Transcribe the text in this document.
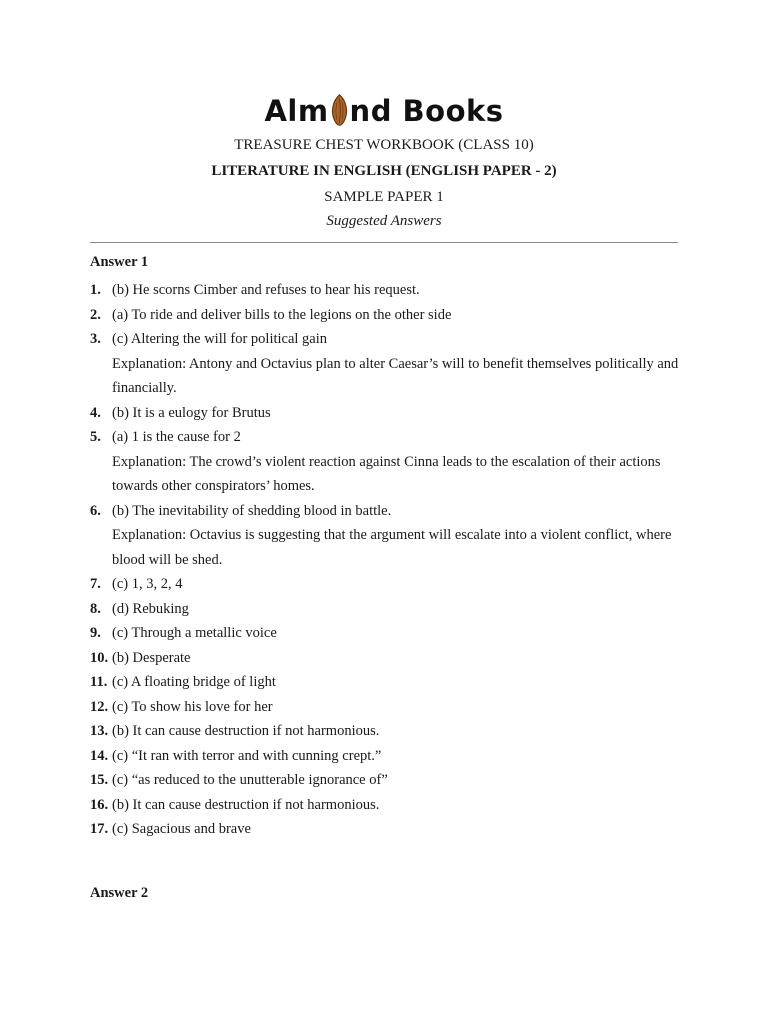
Alm nd Books
TREASURE CHEST WORKBOOK (CLASS 10)
LITERATURE IN ENGLISH (ENGLISH PAPER - 2)
SAMPLE PAPER 1
Suggested Answers
Answer 1
1. (b) He scorns Cimber and refuses to hear his request.
2. (a) To ride and deliver bills to the legions on the other side
3. (c) Altering the will for political gain
Explanation: Antony and Octavius plan to alter Caesar’s will to benefit themselves politically and financially.
4. (b) It is a eulogy for Brutus
5. (a) 1 is the cause for 2
Explanation: The crowd’s violent reaction against Cinna leads to the escalation of their actions towards other conspirators’ homes.
6. (b) The inevitability of shedding blood in battle.
Explanation: Octavius is suggesting that the argument will escalate into a violent conflict, where blood will be shed.
7. (c) 1, 3, 2, 4
8. (d) Rebuking
9. (c) Through a metallic voice
10. (b) Desperate
11. (c) A floating bridge of light
12. (c) To show his love for her
13. (b) It can cause destruction if not harmonious.
14. (c) “It ran with terror and with cunning crept.”
15. (c) “as reduced to the unutterable ignorance of”
16. (b) It can cause destruction if not harmonious.
17. (c) Sagacious and brave
Answer 2
